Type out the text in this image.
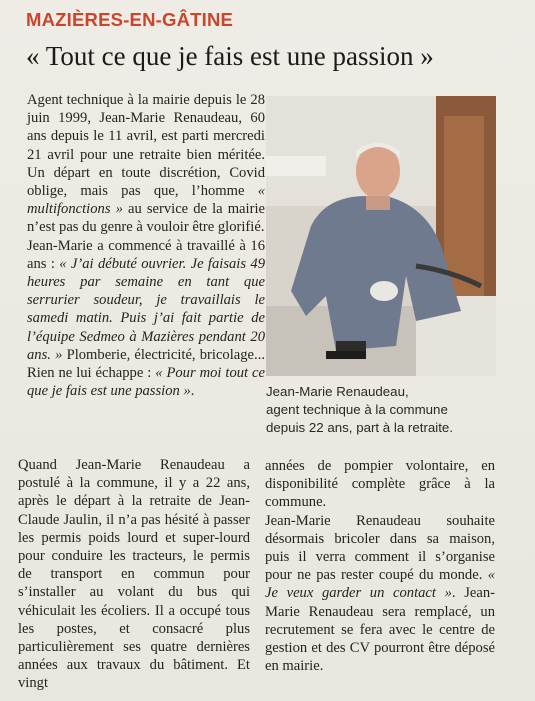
MAZIÈRES-EN-GÂTINE
« Tout ce que je fais est une passion »

Agent technique à la mairie depuis le 28 juin 1999, Jean-Marie Renaudeau, 60 ans depuis le 11 avril, est parti mercredi 21 avril pour une retraite bien méritée. Un départ en toute discrétion, Covid oblige, mais pas que, l’homme « multifonctions » au service de la mairie n’est pas du genre à vouloir être glorifié.

Jean-Marie a commencé à travaillé à 16 ans : « J’ai débuté ouvrier. Je faisais 49 heures par semaine en tant que serrurier soudeur, je travaillais le samedi matin. Puis j’ai fait partie de l’équipe Sedmeo à Mazières pendant 20 ans. » Plomberie, électricité, bricolage... Rien ne lui échappe : « Pour moi tout ce que je fais est une passion ».

Quand Jean-Marie Renaudeau a postulé à la commune, il y a 22 ans, après le départ à la retraite de Jean-Claude Jaulin, il n’a pas hésité à passer les permis poids lourd et super-lourd pour conduire les tracteurs, le permis de transport en commun pour s’installer au volant du bus qui véhiculait les écoliers. Il a occupé tous les postes, et consacré plus particulièrement ses quatre dernières années aux travaux du bâtiment. Et vingt

Jean-Marie Renaudeau,
agent technique à la commune
depuis 22 ans, part à la retraite.

années de pompier volontaire, en disponibilité complète grâce à la commune.

Jean-Marie Renaudeau souhaite désormais bricoler dans sa maison, puis il verra comment il s’organise pour ne pas rester coupé du monde. « Je veux garder un contact ». Jean-Marie Renaudeau sera remplacé, un recrutement se fera avec le centre de gestion et des CV pourront être déposé en mairie.
